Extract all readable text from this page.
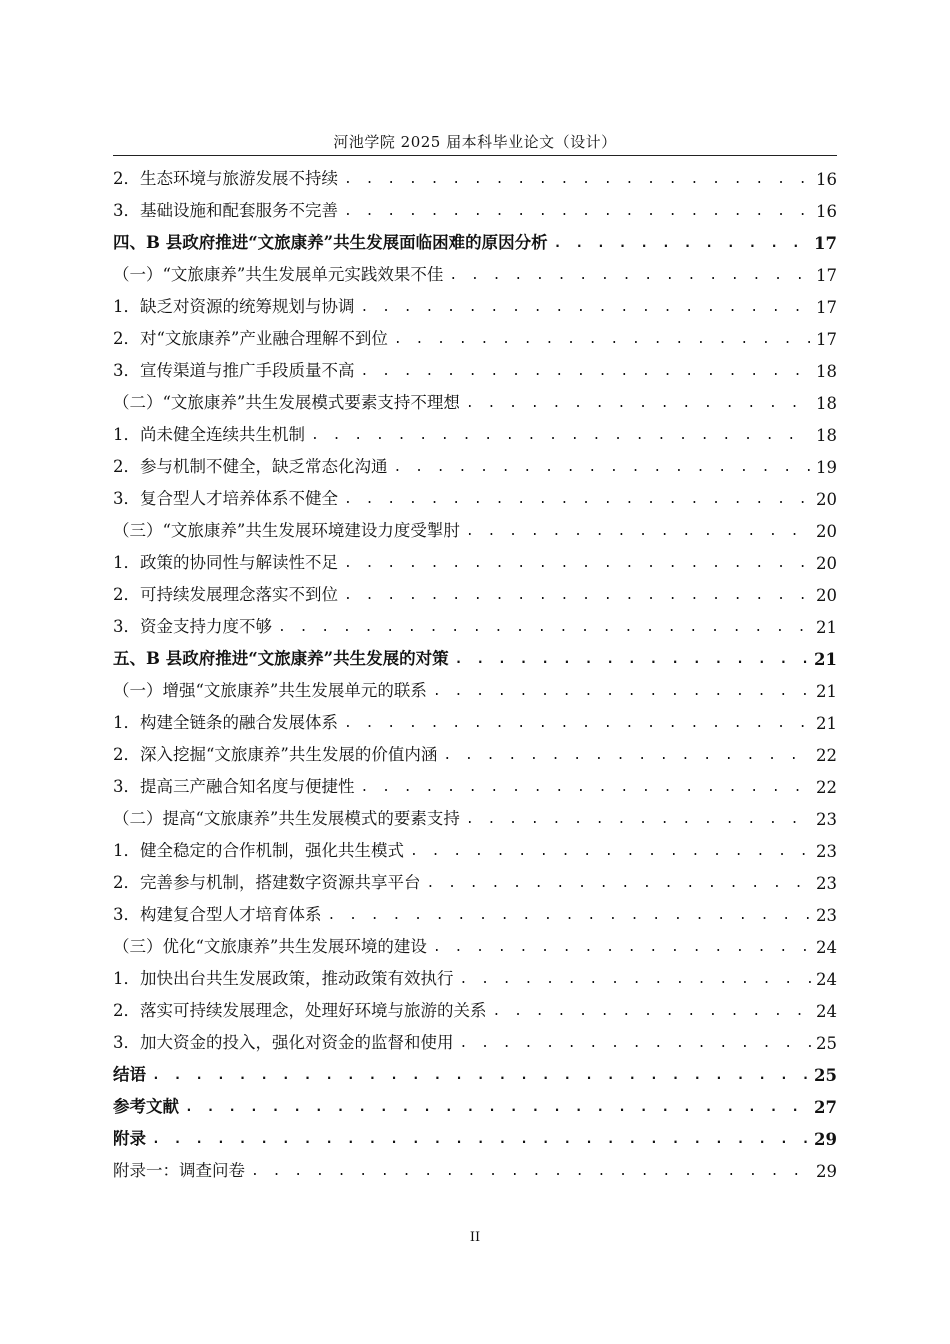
河池学院 2025 届本科毕业论文（设计）
2．生态环境与旅游发展不持续 . . .	16
3．基础设施和配套服务不完善 . . .	16
四、B 县政府推进“文旅康养”共生发展面临困难的原因分析 . . .	17
（一）“文旅康养”共生发展单元实践效果不佳 . . .	17
1．缺乏对资源的统筹规划与协调 . . .	17
2．对“文旅康养”产业融合理解不到位 . . .	17
3．宣传渠道与推广手段质量不高 . . .	18
（二）“文旅康养”共生发展模式要素支持不理想 . . .	18
1．尚未健全连续共生机制 . . .	18
2．参与机制不健全，缺乏常态化沟通 . . .	19
3．复合型人才培养体系不健全 . . .	20
（三）“文旅康养”共生发展环境建设力度受掣肘 . . .	20
1．政策的协同性与解读性不足 . . .	20
2．可持续发展理念落实不到位 . . .	20
3．资金支持力度不够 . . .	21
五、B 县政府推进“文旅康养”共生发展的对策 . . .	21
（一）增强“文旅康养”共生发展单元的联系 . . .	21
1．构建全链条的融合发展体系 . . .	21
2．深入挖掘“文旅康养”共生发展的价值内涵 . . .	22
3．提高三产融合知名度与便捷性 . . .	22
（二）提高“文旅康养”共生发展模式的要素支持 . . .	23
1．健全稳定的合作机制，强化共生模式 . . .	23
2．完善参与机制，搭建数字资源共享平台 . . .	23
3．构建复合型人才培育体系 . . .	23
（三）优化“文旅康养”共生发展环境的建设 . . .	24
1．加快出台共生发展政策，推动政策有效执行 . . .	24
2．落实可持续发展理念，处理好环境与旅游的关系 . . .	24
3．加大资金的投入，强化对资金的监督和使用 . . .	25
结语 . . .	25
参考文献 . . .	27
附录 . . .	29
附录一：调查问卷 . . .	29
II
